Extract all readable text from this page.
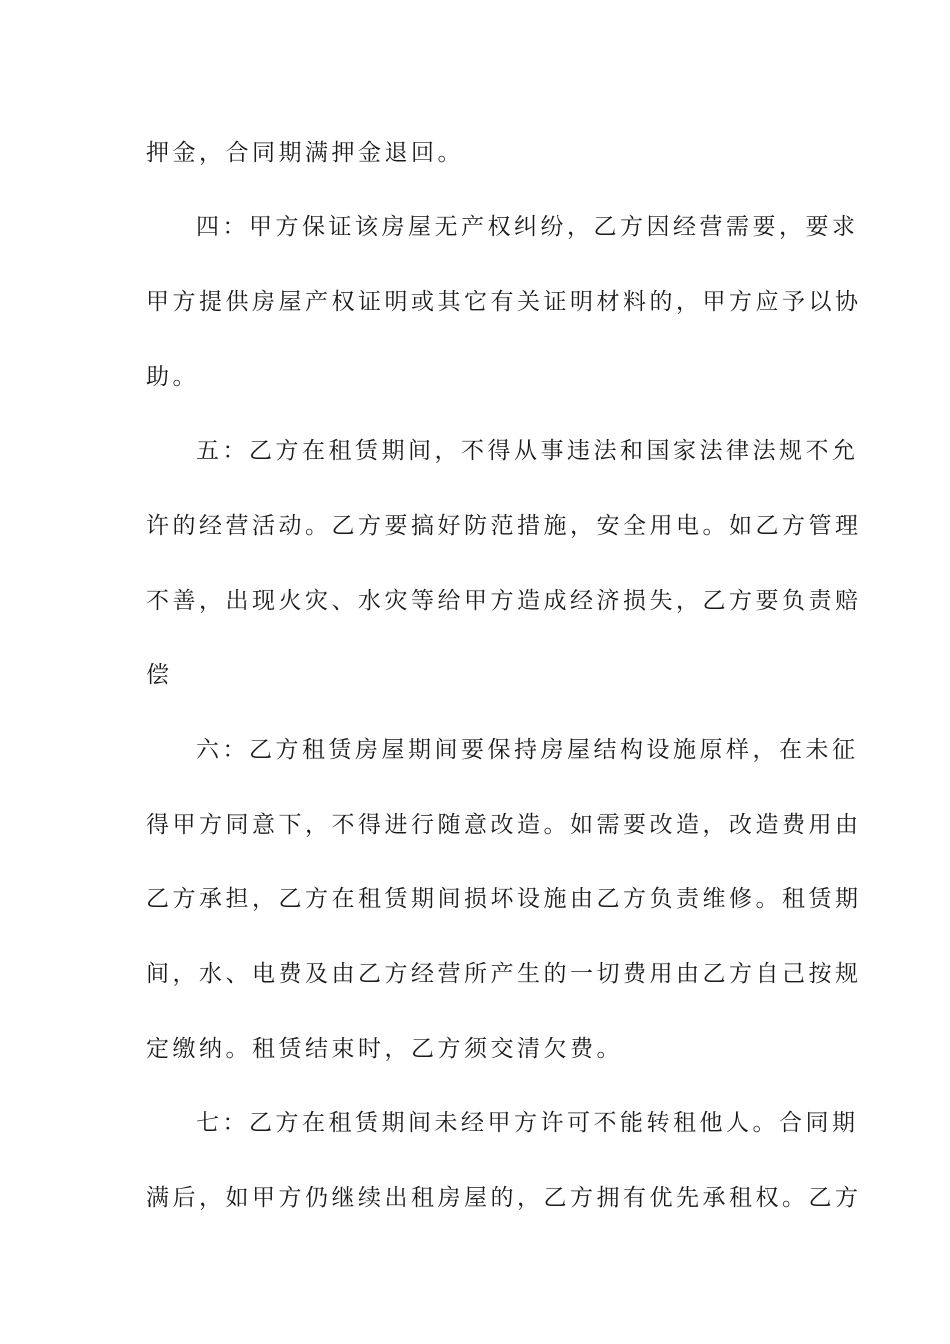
押金，合同期满押金退回。
四：甲方保证该房屋无产权纠纷，乙方因经营需要，要求
甲方提供房屋产权证明或其它有关证明材料的，甲方应予以协
助。
五：乙方在租赁期间，不得从事违法和国家法律法规不允
许的经营活动。乙方要搞好防范措施，安全用电。如乙方管理
不善，出现火灾、水灾等给甲方造成经济损失，乙方要负责赔
偿
六：乙方租赁房屋期间要保持房屋结构设施原样，在未征
得甲方同意下，不得进行随意改造。如需要改造，改造费用由
乙方承担，乙方在租赁期间损坏设施由乙方负责维修。租赁期
间，水、电费及由乙方经营所产生的一切费用由乙方自己按规
定缴纳。租赁结束时，乙方须交清欠费。
七：乙方在租赁期间未经甲方许可不能转租他人。合同期
满后，如甲方仍继续出租房屋的，乙方拥有优先承租权。乙方
